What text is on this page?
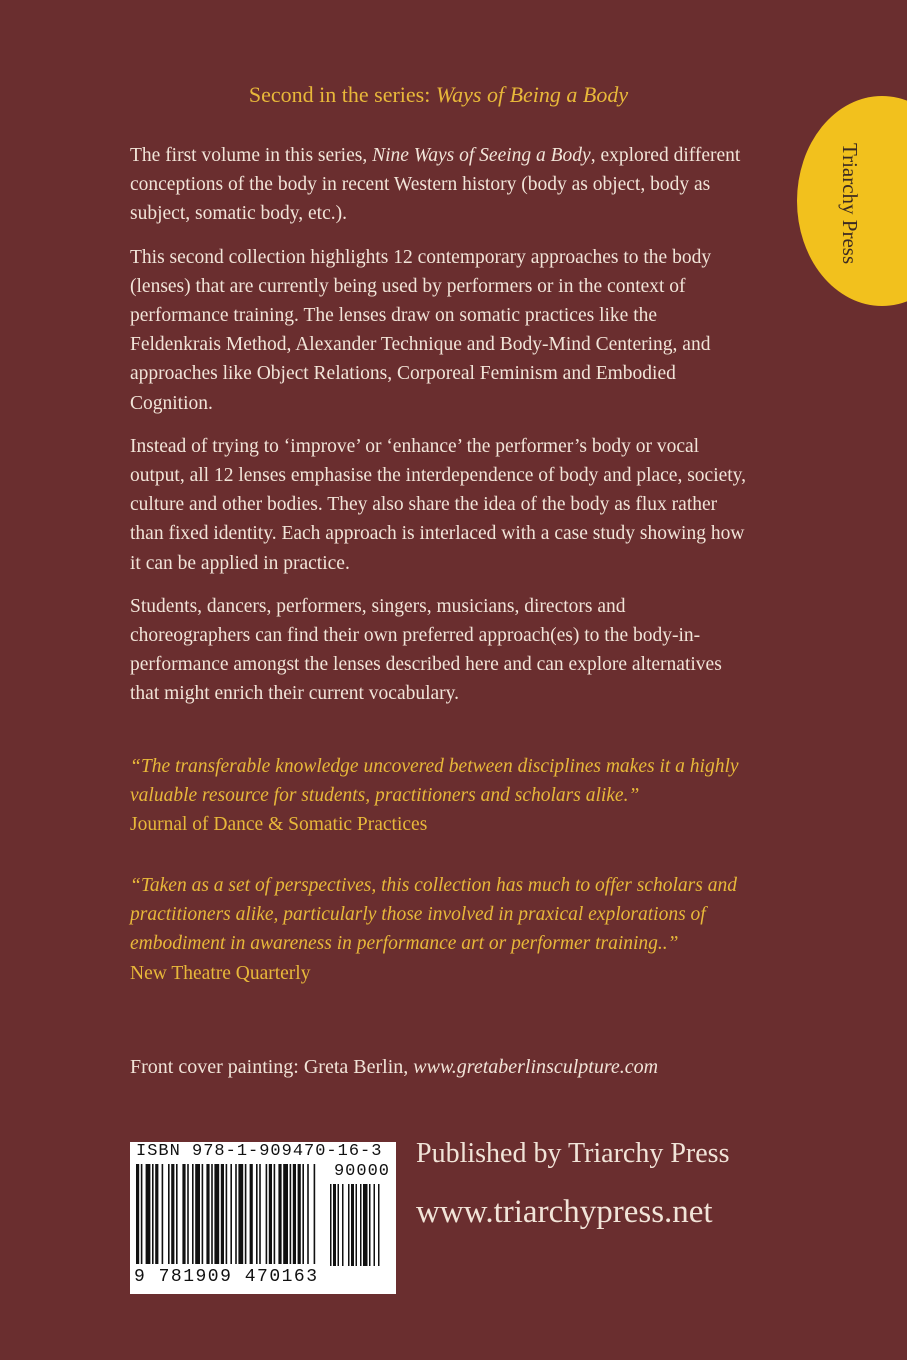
Second in the series: Ways of Being a Body
Triarchy Press

The first volume in this series, Nine Ways of Seeing a Body, explored different conceptions of the body in recent Western history (body as object, body as subject, somatic body, etc.).

This second collection highlights 12 contemporary approaches to the body (lenses) that are currently being used by performers or in the context of performance training. The lenses draw on somatic practices like the Feldenkrais Method, Alexander Technique and Body-Mind Centering, and approaches like Object Relations, Corporeal Feminism and Embodied Cognition.

Instead of trying to ‘improve’ or ‘enhance’ the performer’s body or vocal output, all 12 lenses emphasise the interdependence of body and place, society, culture and other bodies. They also share the idea of the body as flux rather than fixed identity. Each approach is interlaced with a case study showing how it can be applied in practice.

Students, dancers, performers, singers, musicians, directors and choreographers can find their own preferred approach(es) to the body-in-performance amongst the lenses described here and can explore alternatives that might enrich their current vocabulary.

“The transferable knowledge uncovered between disciplines makes it a highly valuable resource for students, practitioners and scholars alike.”
Journal of Dance & Somatic Practices
“Taken as a set of perspectives, this collection has much to offer scholars and practitioners alike, particularly those involved in praxical explorations of embodiment in awareness in performance art or performer training..”New Theatre Quarterly
Front cover painting: Greta Berlin, www.gretaberlinsculpture.com
ISBN 978-1-909470-16-3
90000
9 781909 470163
Published by Triarchy Press
www.triarchypress.net
